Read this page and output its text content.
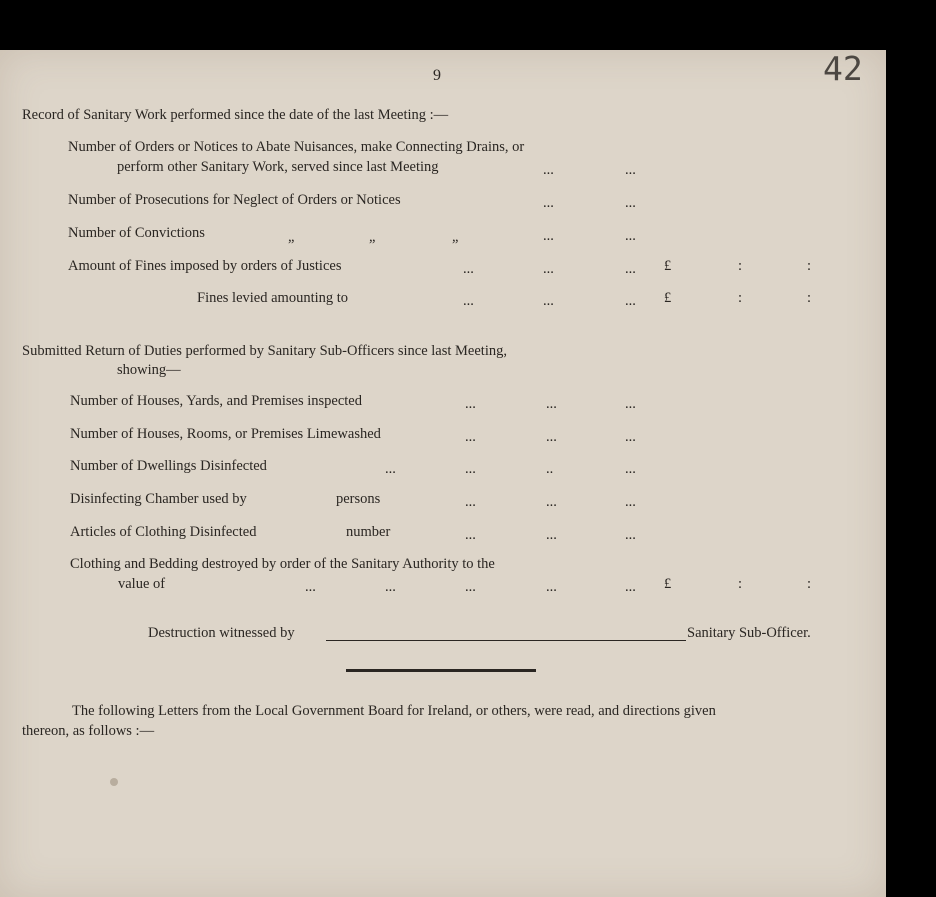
9	42
Record of Sanitary Work performed since the date of the last Meeting :—
Number of Orders or Notices to Abate Nuisances, make Connecting Drains, or
perform other Sanitary Work, served since last Meeting	...	...
Number of Prosecutions for Neglect of Orders or Notices	...	...
Number of Convictions	„	„	„	...	...
Amount of Fines imposed by orders of Justices	...	...	... £	:	:
Fines levied amounting to	...	...	... £	:	:
Submitted Return of Duties performed by Sanitary Sub-Officers since last Meeting,
showing—
Number of Houses, Yards, and Premises inspected	...	...	...
Number of Houses, Rooms, or Premises Limewashed	...	...	...
Number of Dwellings Disinfected	...	...	..	...
Disinfecting Chamber used by	persons	...	...	...
Articles of Clothing Disinfected	number	...	...	...
Clothing and Bedding destroyed by order of the Sanitary Authority to the
value of	...	...	...	...	... £	:	:
Destruction witnessed by	Sanitary Sub-Officer.
The following Letters from the Local Government Board for Ireland, or others, were read, and directions given
thereon, as follows :—
